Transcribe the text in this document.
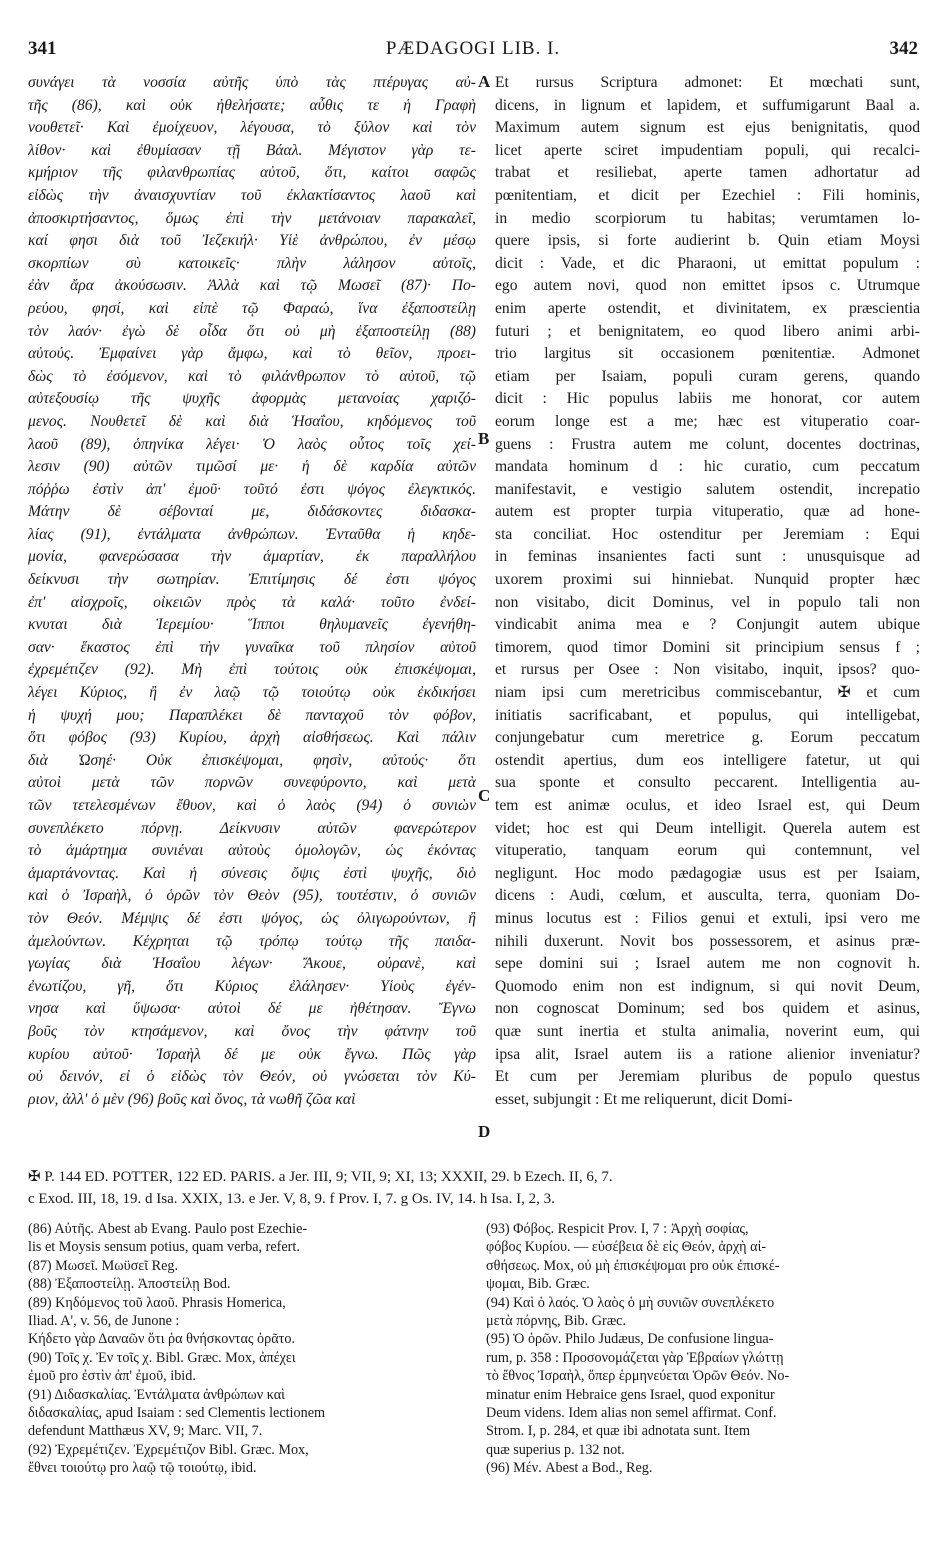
341	PÆDAGOGI LIB. I.	342
συνάγει τὰ νοσσία αὐτῆς ὑπὸ τὰς πτέρυγας αὐ-
τῆς (86), καὶ οὐκ ἠθελήσατε; αὖθις τε ἡ Γραφὴ
νουθετεῖ· Καὶ ἐμοίχευον, λέγουσα, τὸ ξύλον καὶ τὸν
λίθον· καὶ ἐθυμίασαν τῇ Βάαλ. Μέγιστον γὰρ τε-
κμήριον τῆς φιλανθρωπίας αὐτοῦ, ὅτι, καίτοι σαφῶς
εἰδὼς τὴν ἀναισχυντίαν τοῦ ἐκλακτίσαντος λαοῦ καὶ
ἀποσκιρτήσαντος, ὅμως ἐπὶ τὴν μετάνοιαν παρακαλεῖ,
καί φησι διὰ τοῦ Ἰεζεκιήλ· Υἱὲ ἀνθρώπου, ἐν μέσῳ
σκορπίων σὺ κατοικεῖς· πλὴν λάλησον αὐτοῖς,
ἐὰν ἄρα ἀκούσωσιν. Ἀλλὰ καὶ τῷ Μωσεῖ (87)· Πο-
ρεύου, φησί, καὶ εἰπὲ τῷ Φαραώ, ἵνα ἐξαποστείλῃ
τὸν λαόν· ἐγὼ δὲ οἶδα ὅτι οὐ μὴ ἐξαποστείλῃ (88)
αὐτούς. Ἐμφαίνει γὰρ ἄμφω, καὶ τὸ θεῖον, προει-
δὼς τὸ ἐσόμενον, καὶ τὸ φιλάνθρωπον τὸ αὐτοῦ, τῷ
αὐτεξουσίῳ τῆς ψυχῆς ἀφορμὰς μετανοίας χαριζό-
μενος. Νουθετεῖ δὲ καὶ διὰ Ἡσαΐου, κηδόμενος τοῦ
λαοῦ (89), ὁπηνίκα λέγει· Ὁ λαὸς οὗτος τοῖς χεί-
λεσιν (90) αὐτῶν τιμῶσί με· ἡ δὲ καρδία αὐτῶν
πόῤῥω ἐστὶν ἀπ' ἐμοῦ· τοῦτό ἐστι ψόγος ἐλεγκτικός.
Μάτην δὲ σέβονταί με, διδάσκοντες διδασκα-
λίας (91), ἐντάλματα ἀνθρώπων. Ἐνταῦθα ἡ κηδε-
μονία, φανερώσασα τὴν ἁμαρτίαν, ἐκ παραλλήλου
δείκνυσι τὴν σωτηρίαν. Ἐπιτίμησις δέ ἐστι ψόγος
ἐπ' αἰσχροῖς, οἰκειῶν πρὸς τὰ καλά· τοῦτο ἐνδεί-
κνυται διὰ Ἱερεμίου· Ἵπποι θηλυμανεῖς ἐγενήθη-
σαν· ἕκαστος ἐπὶ τὴν γυναῖκα τοῦ πλησίον αὐτοῦ
ἐχρεμέτιζεν (92). Μὴ ἐπὶ τούτοις οὐκ ἐπισκέψομαι,
λέγει Κύριος, ἢ ἐν λαῷ τῷ τοιούτῳ οὐκ ἐκδικήσει
ἡ ψυχή μου; Παραπλέκει δὲ πανταχοῦ τὸν φόβον,
ὅτι φόβος (93) Κυρίου, ἀρχὴ αἰσθήσεως. Καὶ πάλιν
διὰ Ὠσηέ· Οὐκ ἐπισκέψομαι, φησὶν, αὐτούς· ὅτι
αὐτοὶ μετὰ τῶν πορνῶν συνεφύροντο, καὶ μετὰ
τῶν τετελεσμένων ἔθυον, καὶ ὁ λαὸς (94) ὁ συνιὼν
συνεπλέκετο πόρνῃ. Δείκνυσιν αὐτῶν φανερώτερον
τὸ ἁμάρτημα συνιέναι αὐτοὺς ὁμολογῶν, ὡς ἑκόντας
ἁμαρτάνοντας. Καὶ ἡ σύνεσις ὄψις ἐστὶ ψυχῆς, διὸ
καὶ ὁ Ἰσραὴλ, ὁ ὁρῶν τὸν Θεὸν (95), τουτέστιν, ὁ συνιῶν
τὸν Θεόν. Μέμψις δέ ἐστι ψόγος, ὡς ὀλιγωρούντων, ἢ
ἀμελούντων. Κέχρηται τῷ τρόπῳ τούτῳ τῆς παιδα-
γωγίας διὰ Ἡσαΐου λέγων· Ἄκουε, οὐρανὲ, καὶ
ἐνωτίζου, γῆ, ὅτι Κύριος ἐλάλησεν· Υἱοὺς ἐγέν-
νησα καὶ ὕψωσα· αὐτοὶ δέ με ἠθέτησαν. Ἔγνω
βοῦς τὸν κτησάμενον, καὶ ὄνος τὴν φάτνην τοῦ
κυρίου αὐτοῦ· Ἰσραὴλ δέ με οὐκ ἔγνω. Πῶς γὰρ
οὐ δεινόν, εἰ ὁ εἰδὼς τὸν Θεόν, οὐ γνώσεται τὸν Κύ-
ριον, ἀλλ' ὁ μὲν (96) βοῦς καὶ ὄνος, τὰ νωθῆ ζῶα καὶ
Et rursus Scriptura admonet: Et mœchati sunt,
dicens, in lignum et lapidem, et suffumigarunt Baal a.
Maximum autem signum est ejus benignitatis, quod
licet aperte sciret impudentiam populi, qui recalci-
trabat et resiliebat, aperte tamen adhortatur ad
pœnitentiam, et dicit per Ezechiel : Fili hominis,
in medio scorpiorum tu habitas; verumtamen lo-
quere ipsis, si forte audierint b. Quin etiam Moysi
dicit : Vade, et dic Pharaoni, ut emittat populum :
ego autem novi, quod non emittet ipsos c. Utrumque
enim aperte ostendit, et divinitatem, ex præscientia
futuri ; et benignitatem, eo quod libero animi arbi-
trio largitus sit occasionem pœnitentiæ. Admonet
etiam per Isaiam, populi curam gerens, quando
dicit : Hic populus labiis me honorat, cor autem
eorum longe est a me; hæc est vituperatio coar-
guens : Frustra autem me colunt, docentes doctrinas,
mandata hominum d : hic curatio, cum peccatum
manifestavit, e vestigio salutem ostendit, increpatio
autem est propter turpia vituperatio, quæ ad hone-
sta conciliat. Hoc ostenditur per Jeremiam : Equi
in feminas insanientes facti sunt : unusquisque ad
uxorem proximi sui hinniebat. Nunquid propter hæc
non visitabo, dicit Dominus, vel in populo tali non
vindicabit anima mea e ? Conjungit autem ubique
timorem, quod timor Domini sit principium sensus f ;
et rursus per Osee : Non visitabo, inquit, ipsos? quo-
niam ipsi cum meretricibus commiscebantur, ✠ et cum
initiatis sacrificabant, et populus, qui intelligebat,
conjungebatur cum meretrice g. Eorum peccatum
ostendit apertius, dum eos intelligere fatetur, ut qui
sua sponte et consulto peccarent. Intelligentia au-
tem est animæ oculus, et ideo Israel est, qui Deum
videt; hoc est qui Deum intelligit. Querela autem est
vituperatio, tanquam eorum qui contemnunt, vel
negligunt. Hoc modo pædagogiæ usus est per Isaiam,
dicens : Audi, cœlum, et ausculta, terra, quoniam Do-
minus locutus est : Filios genui et extuli, ipsi vero me
nihili duxerunt. Novit bos possessorem, et asinus præ-
sepe domini sui ; Israel autem me non cognovit h.
Quomodo enim non est indignum, si qui novit Deum,
non cognoscat Dominum; sed bos quidem et asinus,
quæ sunt inertia et stulta animalia, noverint eum, qui
ipsa alit, Israel autem iis a ratione alienior inveniatur?
Et cum per Jeremiam pluribus de populo questus
esset, subjungit : Et me reliquerunt, dicit Domi-
A
B
C
D
✠ P. 144 ED. POTTER, 122 ED. PARIS. a Jer. III, 9; VII, 9; XI, 13; XXXII, 29. b Ezech. II, 6, 7.
c Exod. III, 18, 19. d Isa. XXIX, 13. e Jer. V, 8, 9. f Prov. I, 7. g Os. IV, 14. h Isa. I, 2, 3.
(86) Αὐτῆς. Abest ab Evang. Paulo post Ezechie-
lis et Moysis sensum potius, quam verba, refert.
(87) Μωσεῖ. Μωϋσεῖ Reg.
(88) Ἐξαποστείλῃ. Ἀποστείλῃ Bod.
(89) Κηδόμενος τοῦ λαοῦ. Phrasis Homerica,
Iliad. A', v. 56, de Junone :
Κήδετο γὰρ Δαναῶν ὅτι ῥα θνήσκοντας ὁρᾶτο.
(90) Τοῖς χ. Ἐν τοῖς χ. Bibl. Græc. Mox, ἀπέχει
ἐμοῦ pro ἐστὶν ἀπ' ἐμοῦ, ibid.
(91) Διδασκαλίας. Ἐντάλματα ἀνθρώπων καὶ
διδασκαλίας, apud Isaiam : sed Clementis lectionem
defendunt Matthæus XV, 9; Marc. VII, 7.
(92) Ἐχρεμέτιζεν. Ἐχρεμέτιζον Bibl. Græc. Mox,
ἔθνει τοιούτῳ pro λαῷ τῷ τοιούτῳ, ibid.
(93) Φόβος. Respicit Prov. I, 7 : Ἀρχὴ σοφίας,
φόβος Κυρίου. — εὐσέβεια δὲ εἰς Θεόν, ἀρχὴ αἰ-
σθήσεως. Mox, οὐ μὴ ἐπισκέψομαι pro οὐκ ἐπισκέ-
ψομαι, Bib. Græc.
(94) Καὶ ὁ λαός. Ὁ λαὸς ὁ μὴ συνιῶν συνεπλέκετο
μετὰ πόρνης, Bib. Græc.
(95) Ὁ ὁρῶν. Philo Judæus, De confusione lingua-
rum, p. 358 : Προσονομάζεται γὰρ Ἑβραίων γλώττῃ
τὸ ἔθνος Ἰσραὴλ, ὅπερ ἑρμηνεύεται Ὁρῶν Θεόν. No-
minatur enim Hebraice gens Israel, quod exponitur
Deum videns. Idem alias non semel affirmat. Conf.
Strom. I, p. 284, et quæ ibi adnotata sunt. Item
quæ superius p. 132 not.
(96) Μέν. Abest a Bod., Reg.
